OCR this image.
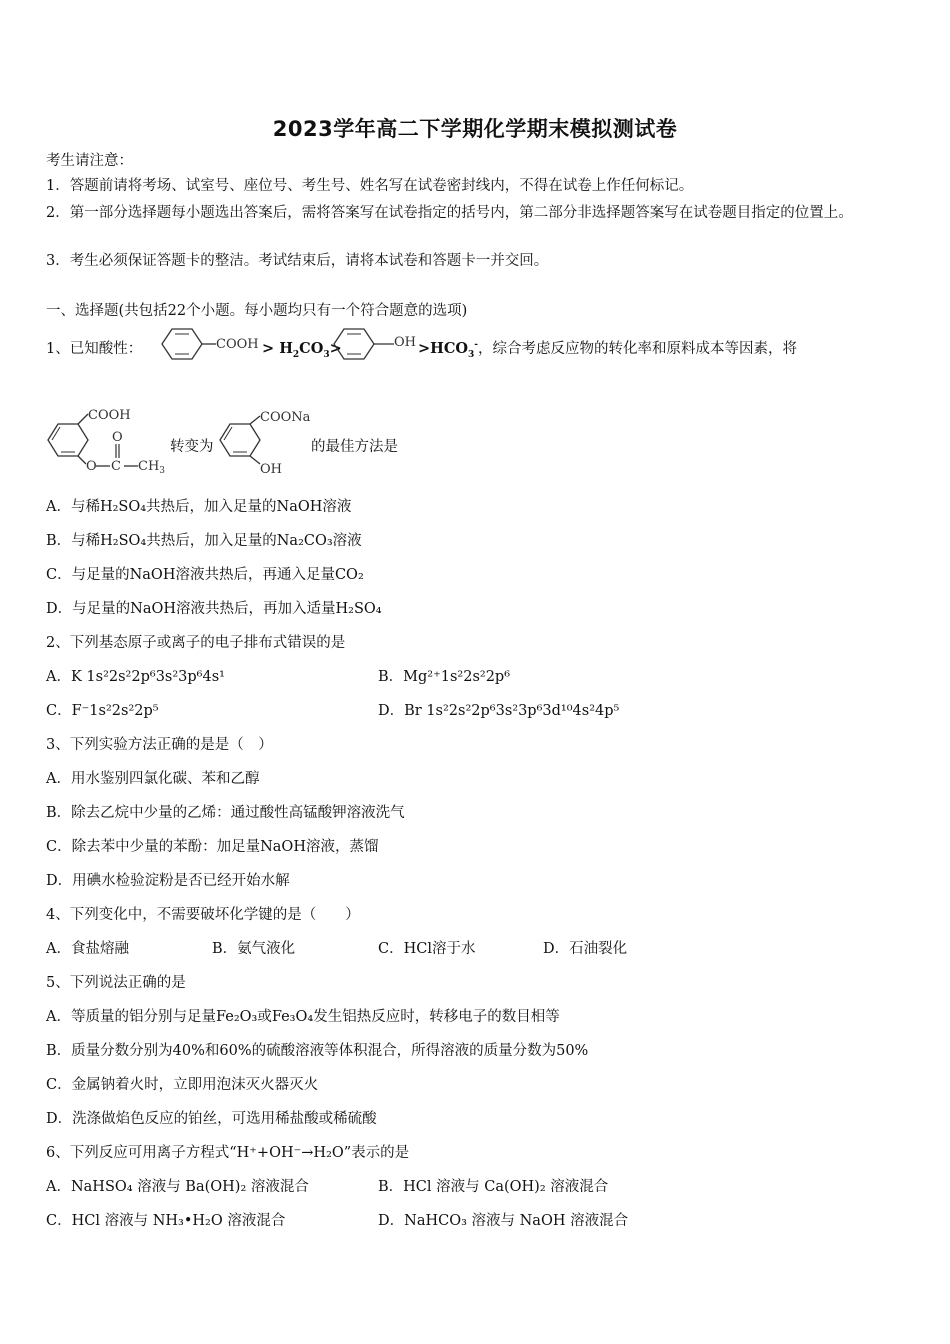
2023学年高二下学期化学期末模拟测试卷
考生请注意：
1．答题前请将考场、试室号、座位号、考生号、姓名写在试卷密封线内，不得在试卷上作任何标记。
2．第一部分选择题每小题选出答案后，需将答案写在试卷指定的括号内，第二部分非选择题答案写在试卷题目指定的位置上。
3．考生必须保证答题卡的整洁。考试结束后，请将本试卷和答题卡一并交回。
一、选择题(共包括22个小题。每小题均只有一个符合题意的选项)
1、已知酸性：	COOH > $H_2CO_3>$	OH $>HCO_3^-$，综合考虑反应物的转化率和原料成本等因素，将
COOH
O C
O
$CH_3$
转变为
COONa
OH
的最佳方法是
A．与稀H₂SO₄共热后，加入足量的NaOH溶液
B．与稀H₂SO₄共热后，加入足量的Na₂CO₃溶液
C．与足量的NaOH溶液共热后，再通入足量CO₂
D．与足量的NaOH溶液共热后，再加入适量H₂SO₄
2、下列基态原子或离子的电子排布式错误的是
A．K 1s²2s²2p⁶3s²3p⁶4s¹	B．Mg²⁺1s²2s²2p⁶
C．F⁻1s²2s²2p⁵	D．Br 1s²2s²2p⁶3s²3p⁶3d¹⁰4s²4p⁵
3、下列实验方法正确的是是（　）
A．用水鉴别四氯化碳、苯和乙醇
B．除去乙烷中少量的乙烯：通过酸性高锰酸钾溶液洗气
C．除去苯中少量的苯酚：加足量NaOH溶液，蒸馏
D．用碘水检验淀粉是否已经开始水解
4、下列变化中，不需要破坏化学键的是（　　）
A．食盐熔融	B．氨气液化	C．HCl溶于水	D．石油裂化
5、下列说法正确的是
A．等质量的铝分别与足量Fe₂O₃或Fe₃O₄发生铝热反应时，转移电子的数目相等
B．质量分数分别为40%和60%的硫酸溶液等体积混合，所得溶液的质量分数为50%
C．金属钠着火时，立即用泡沫灭火器灭火
D．洗涤做焰色反应的铂丝，可选用稀盐酸或稀硫酸
6、下列反应可用离子方程式“H⁺+OH⁻→H₂O”表示的是
A．NaHSO₄ 溶液与 Ba(OH)₂ 溶液混合	B．HCl 溶液与 Ca(OH)₂ 溶液混合
C．HCl 溶液与 NH₃•H₂O 溶液混合	D．NaHCO₃ 溶液与 NaOH 溶液混合
